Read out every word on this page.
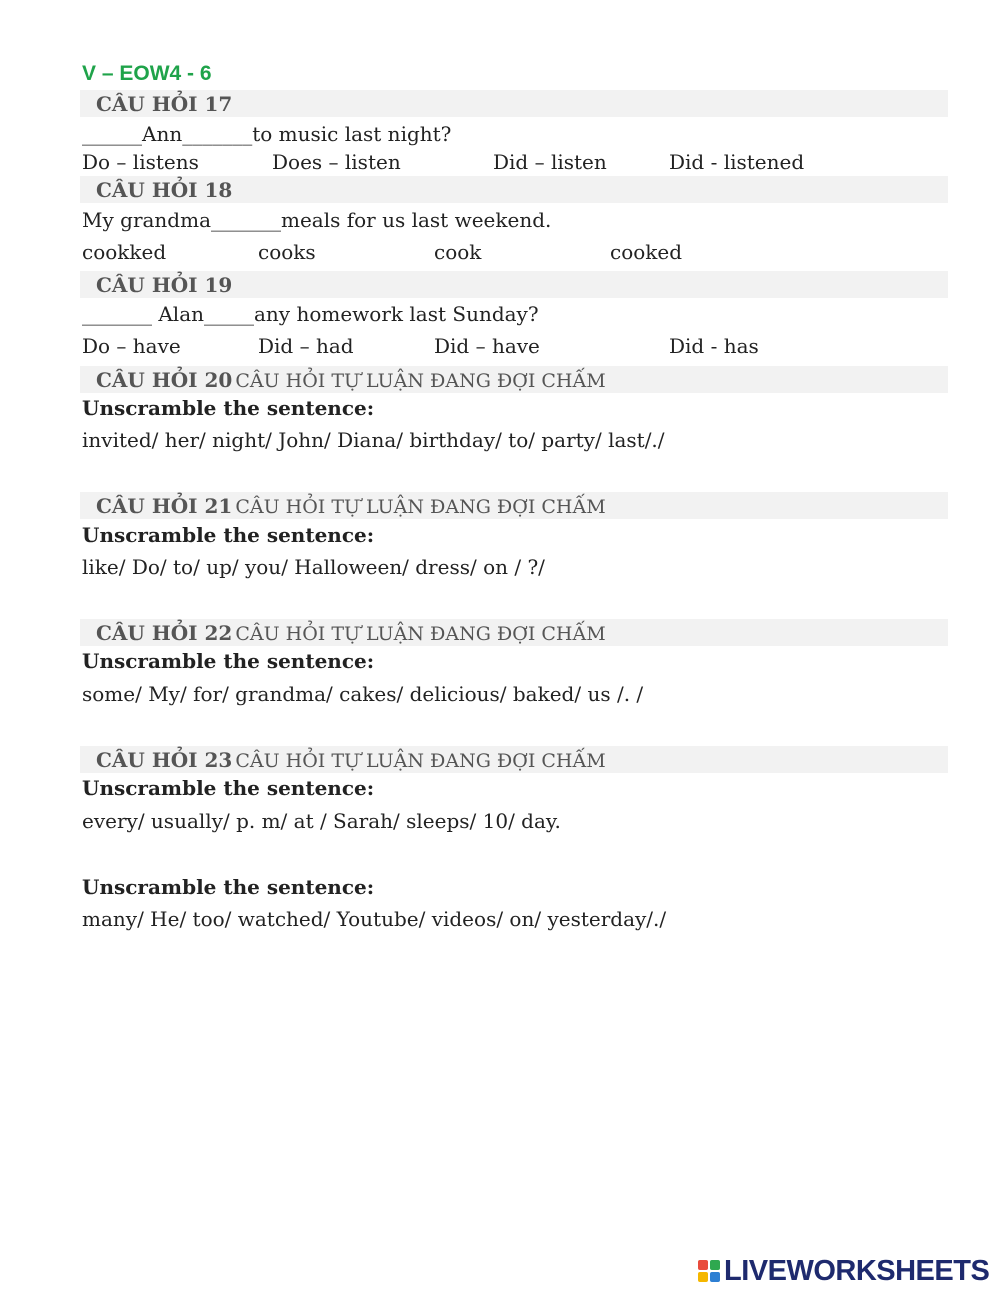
V – EOW4 - 6
CÂU HỎI 17
______Ann_______to music last night?
Do – listens	Does – listen	Did – listen	Did - listened
CÂU HỎI 18
My grandma_______meals for us last weekend.
cookked	cooks	cook	cooked
CÂU HỎI 19
_______ Alan_____any homework last Sunday?
Do – have	Did – had	Did – have	Did - has
CÂU HỎI 20 CÂU HỎI TỰ LUẬN ĐANG ĐỢI CHẤM
Unscramble the sentence:
invited/ her/ night/ John/ Diana/ birthday/ to/ party/ last/./
CÂU HỎI 21 CÂU HỎI TỰ LUẬN ĐANG ĐỢI CHẤM
Unscramble the sentence:
like/ Do/ to/ up/ you/ Halloween/ dress/ on / ?/
CÂU HỎI 22 CÂU HỎI TỰ LUẬN ĐANG ĐỢI CHẤM
Unscramble the sentence:
some/ My/ for/ grandma/ cakes/ delicious/ baked/ us /. /
CÂU HỎI 23 CÂU HỎI TỰ LUẬN ĐANG ĐỢI CHẤM
Unscramble the sentence:
every/ usually/ p. m/ at / Sarah/ sleeps/ 10/ day.
Unscramble the sentence:
many/ He/ too/ watched/ Youtube/ videos/ on/ yesterday/./
LIVEWORKSHEETS
